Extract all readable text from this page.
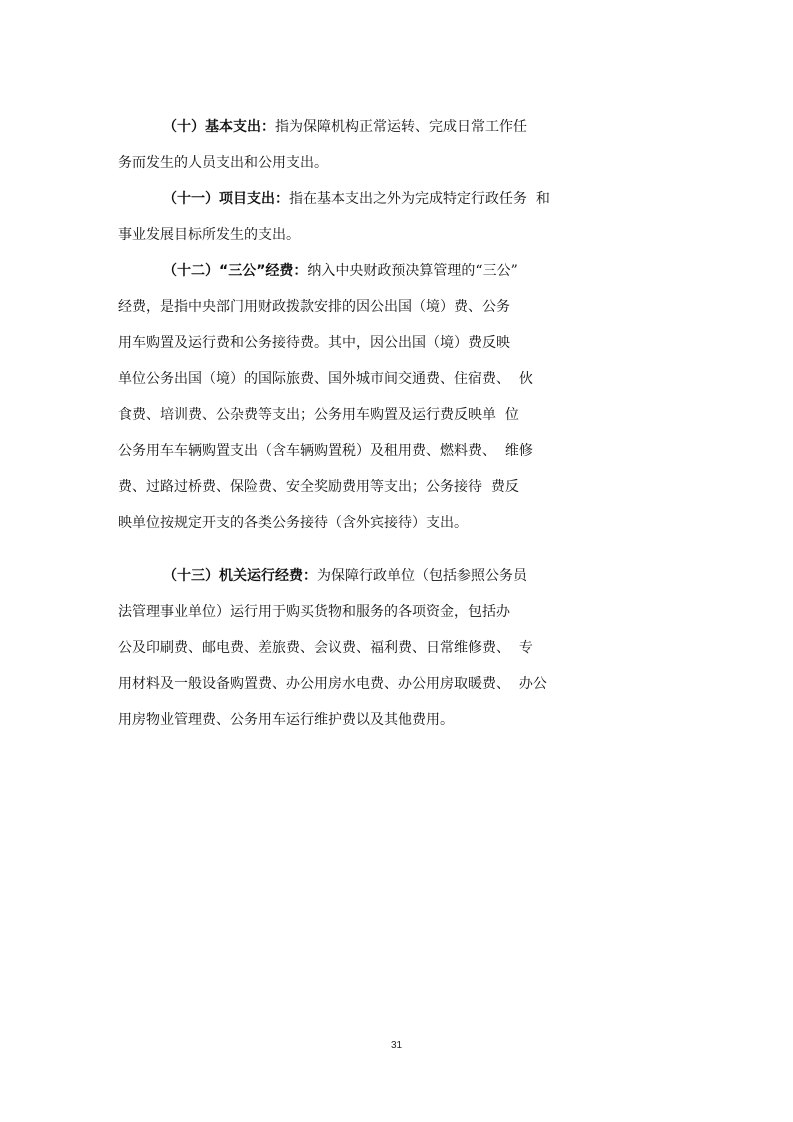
（十）基本支出：指为保障机构正常运转、完成日常工作任
务而发生的人员支出和公用支出。
（十一）项目支出：指在基本支出之外为完成特定行政任务  和
事业发展目标所发生的支出。
（十二）“三公”经费：纳入中央财政预决算管理的“三公”
经费，是指中央部门用财政拨款安排的因公出国（境）费、公务
用车购置及运行费和公务接待费。其中，因公出国（境）费反映
单位公务出国（境）的国际旅费、国外城市间交通费、住宿费、  伙
食费、培训费、公杂费等支出；公务用车购置及运行费反映单  位
公务用车车辆购置支出（含车辆购置税）及租用费、燃料费、  维修
费、过路过桥费、保险费、安全奖励费用等支出；公务接待  费反
映单位按规定开支的各类公务接待（含外宾接待）支出。
（十三）机关运行经费：为保障行政单位（包括参照公务员
法管理事业单位）运行用于购买货物和服务的各项资金，包括办
公及印刷费、邮电费、差旅费、会议费、福利费、日常维修费、  专
用材料及一般设备购置费、办公用房水电费、办公用房取暖费、  办公
用房物业管理费、公务用车运行维护费以及其他费用。
31
